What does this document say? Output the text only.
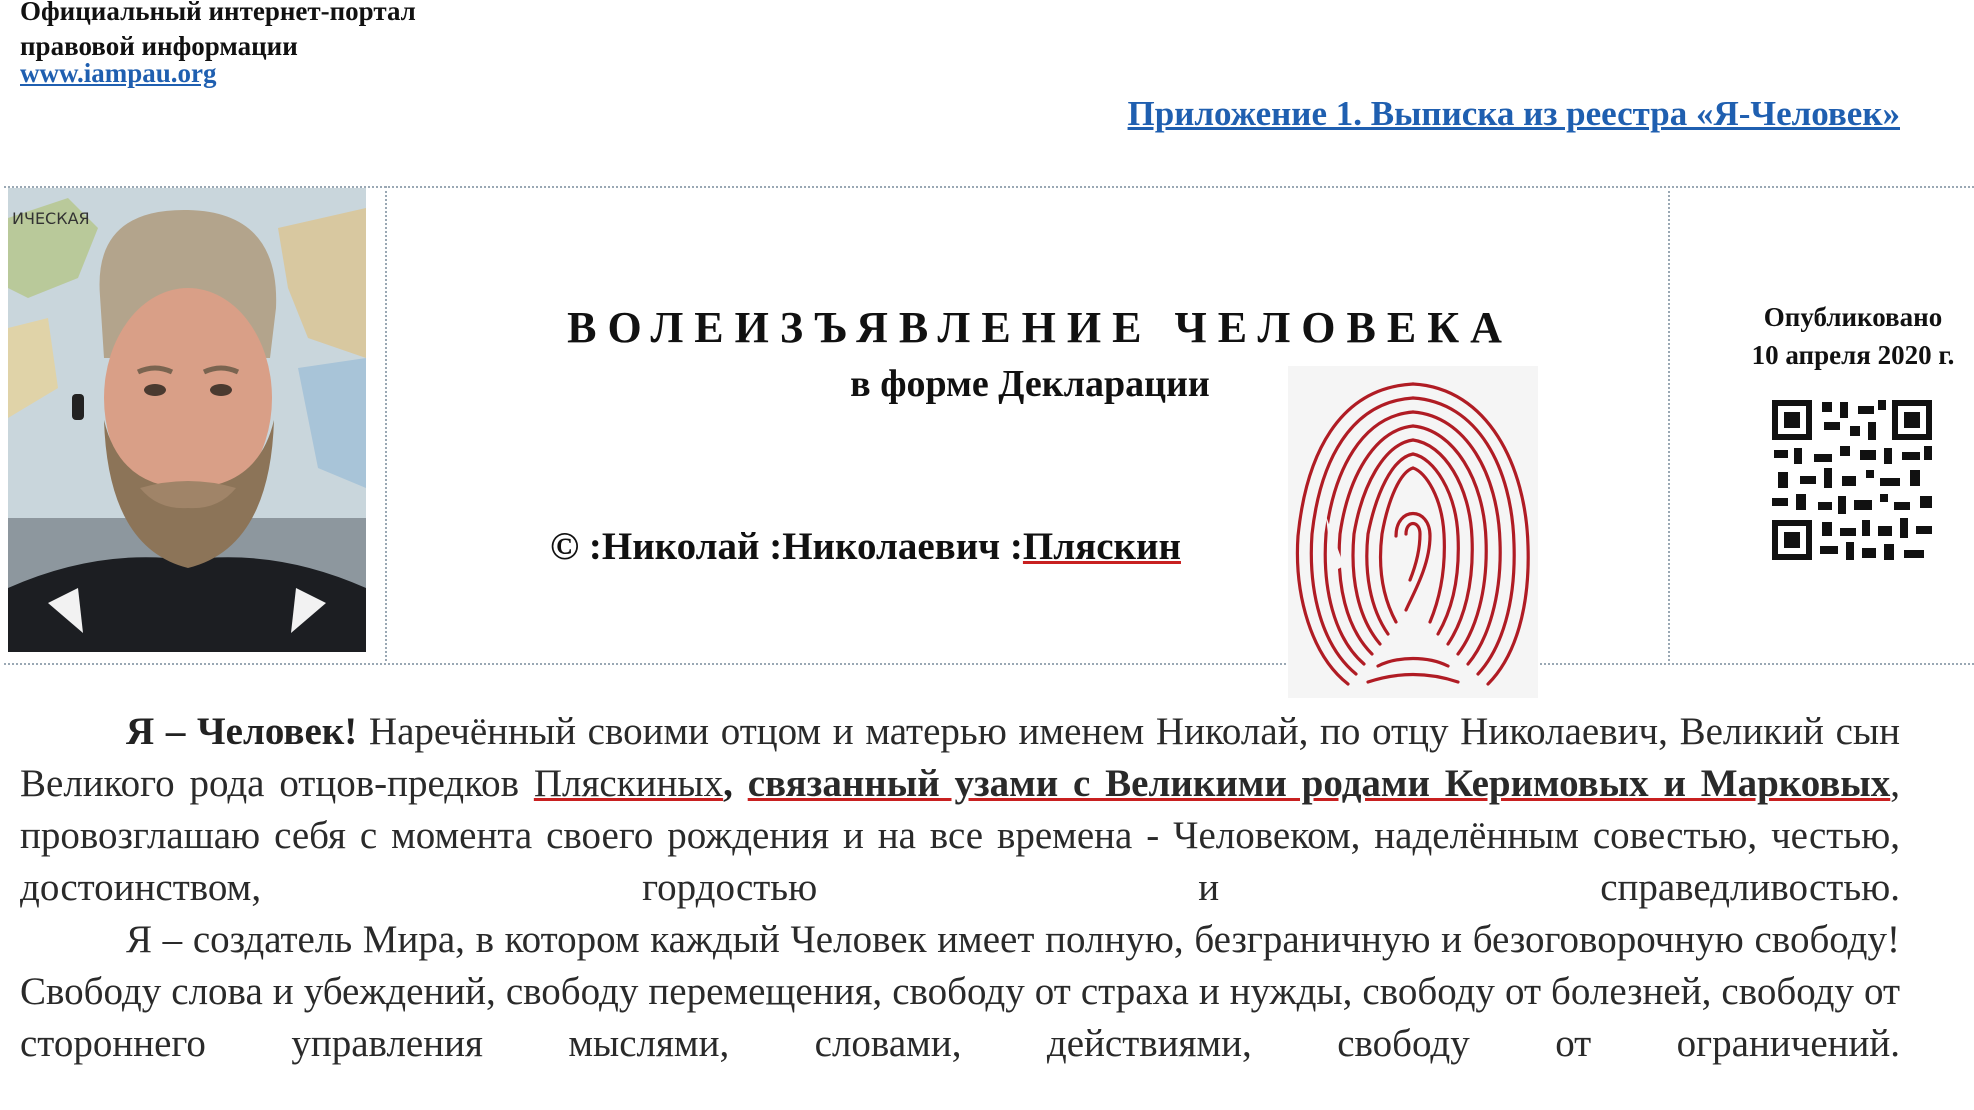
Официальный интернет-портал
правовой информации
www.iampau.org
Приложение 1. Выписка из реестра «Я-Человек»
ИЧЕСКАЯ
ВОЛЕИЗЪЯВЛЕНИЕ ЧЕЛОВЕКА
в форме Декларации
© :Николай :Николаевич :Пляскин
Опубликовано
10 апреля 2020 г.

Я – Человек! Наречённый своими отцом и матерью именем Николай, по отцу Николаевич, Великий сын Великого рода отцов-предков Пляскиных, связанный узами с Великими родами Керимовых и Марковых, провозглашаю себя с момента своего рождения и на все времена - Человеком, наделённым совестью, честью, достоинством, гордостью и справедливостью.

Я – создатель Мира, в котором каждый Человек имеет полную, безграничную и безоговорочную свободу! Свободу слова и убеждений, свободу перемещения, свободу от страха и нужды, свободу от болезней, свободу от стороннего управления мыслями, словами, действиями, свободу от ограничений.
